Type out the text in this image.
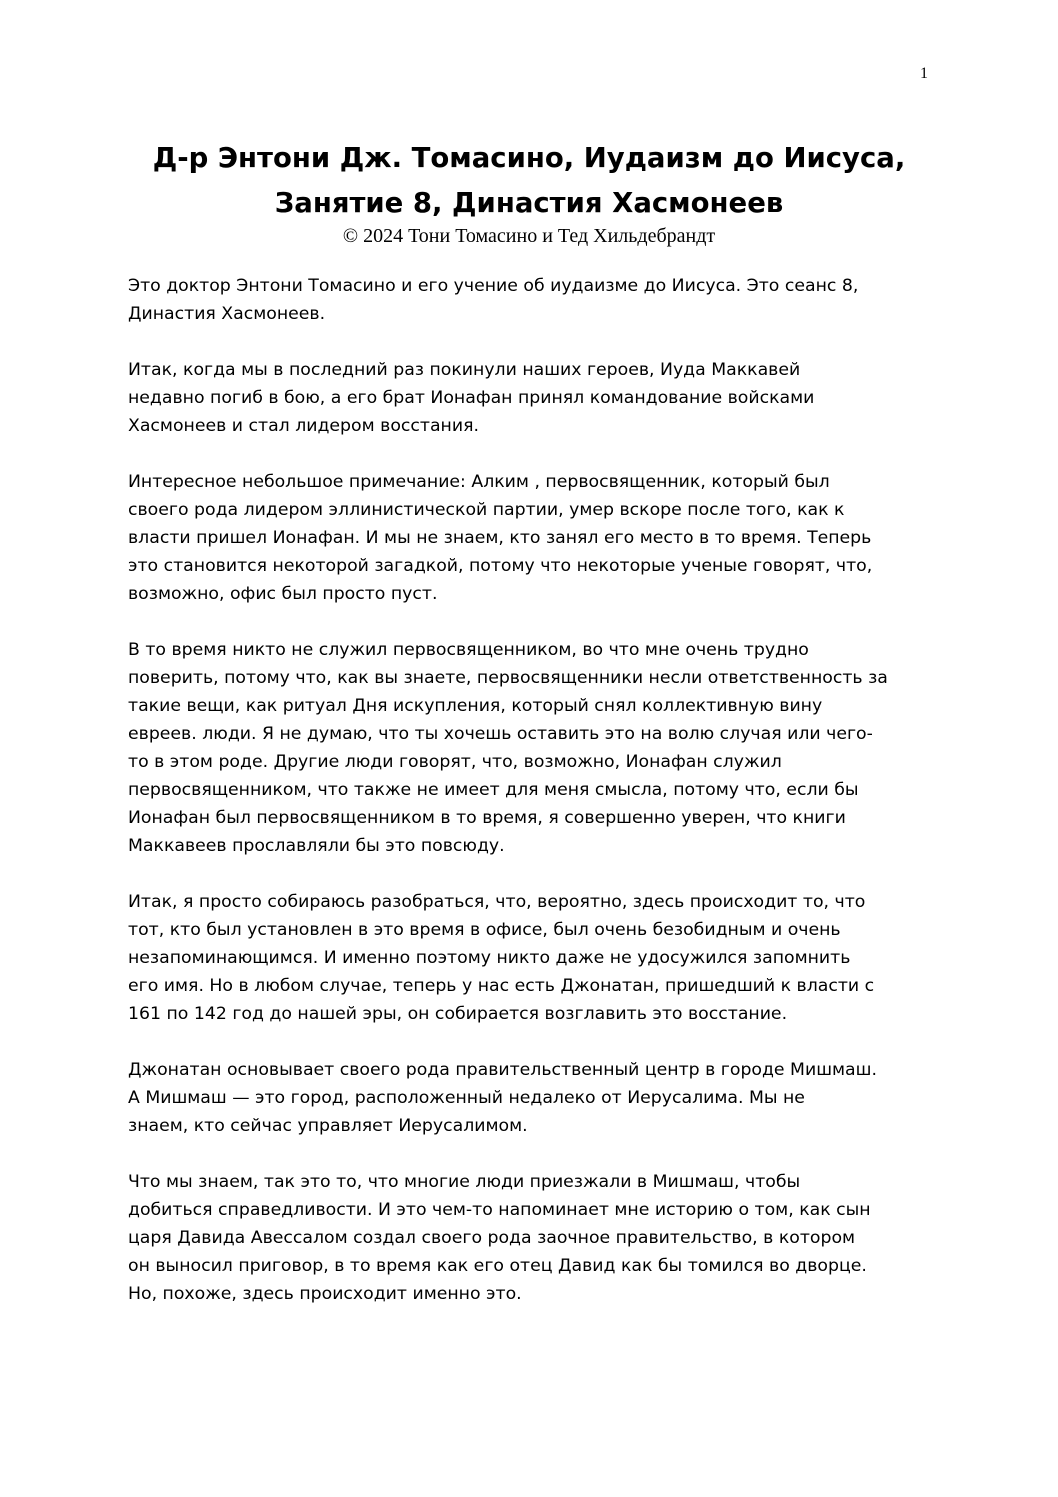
1
Д-р Энтони Дж. Томасино, Иудаизм до Иисуса,
Занятие 8, Династия Хасмонеев
© 2024 Тони Томасино и Тед Хильдебрандт

Это доктор Энтони Томасино и его учение об иудаизме до Иисуса. Это сеанс 8,
Династия Хасмонеев.

Итак, когда мы в последний раз покинули наших героев, Иуда Маккавей
недавно погиб в бою, а его брат Ионафан принял командование войсками
Хасмонеев и стал лидером восстания.

Интересное небольшое примечание: Алким , первосвященник, который был
своего рода лидером эллинистической партии, умер вскоре после того, как к
власти пришел Ионафан. И мы не знаем, кто занял его место в то время. Теперь
это становится некоторой загадкой, потому что некоторые ученые говорят, что,
возможно, офис был просто пуст.

В то время никто не служил первосвященником, во что мне очень трудно
поверить, потому что, как вы знаете, первосвященники несли ответственность за
такие вещи, как ритуал Дня искупления, который снял коллективную вину
евреев. люди. Я не думаю, что ты хочешь оставить это на волю случая или чего-
то в этом роде. Другие люди говорят, что, возможно, Ионафан служил
первосвященником, что также не имеет для меня смысла, потому что, если бы
Ионафан был первосвященником в то время, я совершенно уверен, что книги
Маккавеев прославляли бы это повсюду.

Итак, я просто собираюсь разобраться, что, вероятно, здесь происходит то, что
тот, кто был установлен в это время в офисе, был очень безобидным и очень
незапоминающимся. И именно поэтому никто даже не удосужился запомнить
его имя. Но в любом случае, теперь у нас есть Джонатан, пришедший к власти с
161 по 142 год до нашей эры, он собирается возглавить это восстание.

Джонатан основывает своего рода правительственный центр в городе Мишмаш.
А Мишмаш — это город, расположенный недалеко от Иерусалима. Мы не
знаем, кто сейчас управляет Иерусалимом.

Что мы знаем, так это то, что многие люди приезжали в Мишмаш, чтобы
добиться справедливости. И это чем-то напоминает мне историю о том, как сын
царя Давида Авессалом создал своего рода заочное правительство, в котором
он выносил приговор, в то время как его отец Давид как бы томился во дворце.
Но, похоже, здесь происходит именно это.
